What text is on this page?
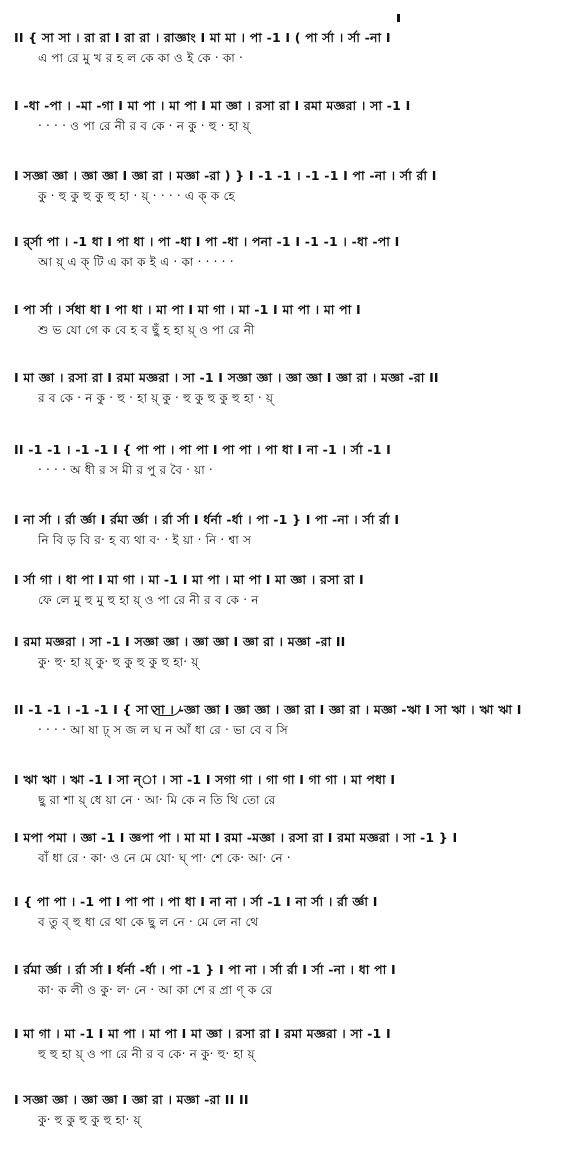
II { সা সা । রা রা I রা রা । রাজ্ঞাং I মা মা । পা -1 I ( পা র্সা । র্সা -না I
এ পা রে মু খ র হ ল কে কা ও ই কে ‧ কা ‧
I -ধা -পা । -মা -গা I মা পা । মা পা I মা জ্ঞা । রসা রা I রমা মজ্ঞরা । সা -1 I
‧ ‧ ‧ ‧ ও পা রে নী র ব কে ‧ ন কু ‧ হু ‧ হা য়্
I সজ্ঞা জ্ঞা । জ্ঞা জ্ঞা I জ্ঞা রা । মজ্ঞা -রা ) } I -1 -1 । -1 -1 I পা -না । র্সা র্রা I
কু ‧ হু কু হু কু হু হা ‧ য়্ ‧ ‧ ‧ ‧ এ ক্ ক হে
I র্র্সা পা । -1 ধা I পা ধা । পা -ধা I পা -ধা । পনা -1 I -1 -1 । -ধা -পা I
আ য়্ এ ক্ টি এ কা ক ই এ ‧ কা ‧ ‧ ‧ ‧ ‧
I পা র্সা । র্সধা ধা I পা ধা । মা পা I মা গা । মা -1 I মা পা । মা পা I
শু ভ যো গে ক বে হ ব ছুঁ হ হা য়্ ও পা রে নী
I মা জ্ঞা । রসা রা I রমা মজ্ঞরা । সা -1 I সজ্ঞা জ্ঞা । জ্ঞা জ্ঞা I জ্ঞা রা । মজ্ঞা -রা II
র ব কে ‧ ন কু ‧ হু ‧ হা য়্ কু ‧ হু কু হু কু হু হা ‧ য়্
II -1 -1 । -1 -1 I { পা পা । পা পা I পা পা । পা ধা I না -1 । র্সা -1 I
‧ ‧ ‧ ‧ অ ধী র স মী র পু র বৈ ‧ য়া ‧
I না র্সা । র্রা র্জ্ঞা I র্রমা র্জ্ঞা । র্রা র্সা I র্ধর্না -র্ধা । পা -1 } I পা -না । র্সা র্রা I
নি বি ড় বি র‧ হ ব্য থা ব‧ ‧ ই য়া ‧ নি ‧ শ্বা স
I র্সা গা । ধা পা I মা গা । মা -1 I মা পা । মা পা I মা জ্ঞা । রসা রা I
ফে লে মু হু মু হু হা য়্ ও পা রে নী র ব কে ‧ ন
I রমা মজ্ঞরা । সা -1 I সজ্ঞা জ্ঞা । জ্ঞা জ্ঞা I জ্ঞা রা । মজ্ঞা -রা II
কু‧ হু‧ হা য়্ কু‧ হু কু হু কু হু হা‧ য়্
II -1 -1 । -1 -1 I { সা সা । -জ্ঞা জ্ঞা I জ্ঞা জ্ঞা । জ্ঞা রা I জ্ঞা রা । মজ্ঞা -ঋা I সা ঋা । ঋা ঋা I
‧ ‧ ‧ ‧ আ ষা ঢ়্ স জ ল ঘ ন আঁ ধা রে ‧ ভা বে ব সি
I ঋা ঋা । ঋা -1 I সা ন্‌া । সা -1 I সগা গা । গা গা I গা গা । মা পধা I
ছু রা শা য়্ ধে য়া নে ‧ আ‧ মি কে ন তি থি তো রে
I মপা পমা । জ্ঞা -1 I জ্ঞপা পা । মা মা I রমা -মজ্ঞা । রসা রা I রমা মজ্ঞরা । সা -1 } I
বাঁ ধা রে ‧ কা‧ ও নে মে যো‧ ঘ্ পা‧ শে কে‧ আ‧ নে ‧
I { পা পা । -1 পা I পা পা । পা ধা I না না । র্সা -1 I না র্সা । র্রা র্জ্ঞা I
ব তু ব্ হু ধা রে থা কে ছু ল নে ‧ মে লে না থে
I র্রমা র্জ্ঞা । র্রা র্সা I র্ধর্না -র্ধা । পা -1 } I পা না । র্সা র্রা I র্সা -না । ধা পা I
কা‧ ক লী ও কু‧ ল‧ নে ‧ আ কা শে র প্রা ণ্ ক রে
I মা গা । মা -1 I মা পা । মা পা I মা জ্ঞা । রসা রা I রমা মজ্ঞরা । সা -1 I
হু হু হা য়্ ও পা রে নী র ব কে‧ ন কু‧ হু‧ হা য়্
I সজ্ঞা জ্ঞা । জ্ঞা জ্ঞা I জ্ঞা রা । মজ্ঞা -রা II II
কু‧ হু কু হু কু হু হা‧ য়্
